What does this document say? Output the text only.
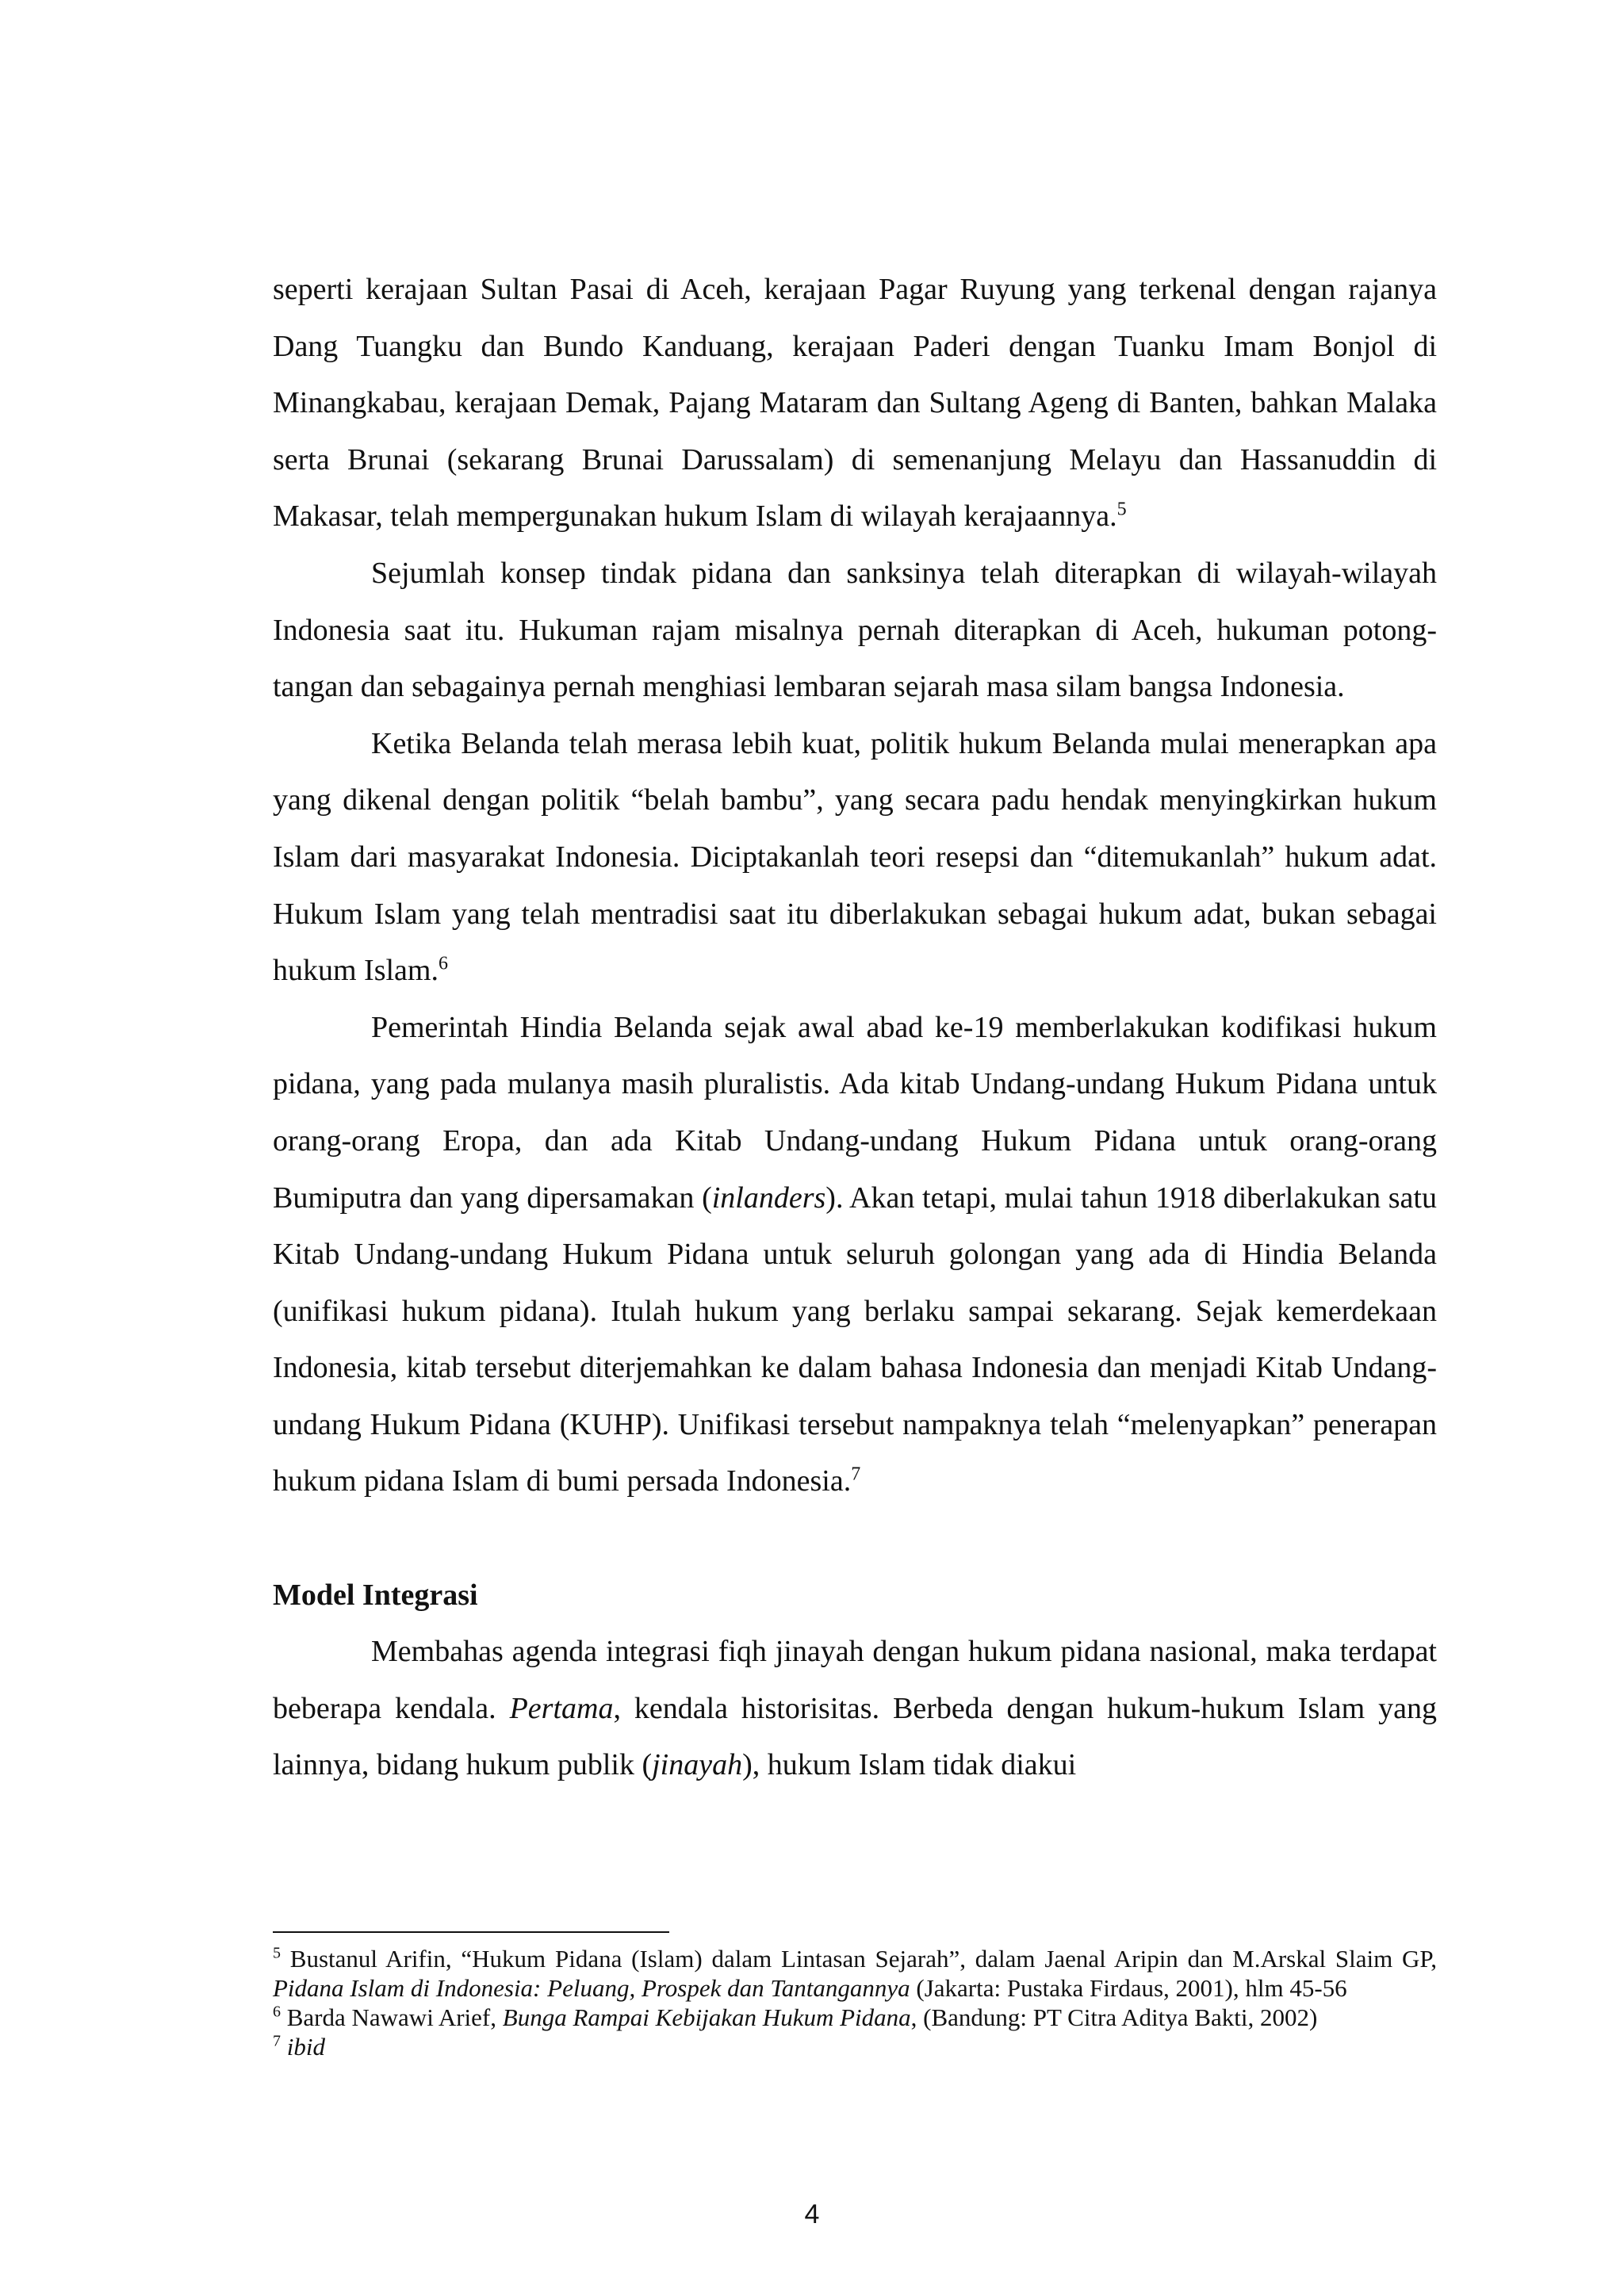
seperti kerajaan Sultan Pasai di Aceh, kerajaan Pagar Ruyung yang terkenal dengan rajanya Dang Tuangku dan Bundo Kanduang, kerajaan Paderi dengan Tuanku Imam Bonjol di Minangkabau, kerajaan Demak, Pajang Mataram dan Sultang Ageng di Banten, bahkan Malaka serta Brunai (sekarang Brunai Darussalam) di semenanjung Melayu dan Hassanuddin di Makasar, telah mempergunakan hukum Islam di wilayah kerajaannya.$^5$

Sejumlah konsep tindak pidana dan sanksinya telah diterapkan di wilayah-wilayah Indonesia saat itu. Hukuman rajam misalnya pernah diterapkan di Aceh, hukuman potong-tangan dan sebagainya pernah menghiasi lembaran sejarah masa silam bangsa Indonesia.

Ketika Belanda telah merasa lebih kuat, politik hukum Belanda mulai menerapkan apa yang dikenal dengan politik “belah bambu”, yang secara padu hendak menyingkirkan hukum Islam dari masyarakat Indonesia. Diciptakanlah teori resepsi dan “ditemukanlah” hukum adat. Hukum Islam yang telah mentradisi saat itu diberlakukan sebagai hukum adat, bukan sebagai hukum Islam.$^6$

Pemerintah Hindia Belanda sejak awal abad ke-19 memberlakukan kodifikasi hukum pidana, yang pada mulanya masih pluralistis. Ada kitab Undang-undang Hukum Pidana untuk orang-orang Eropa, dan ada Kitab Undang-undang Hukum Pidana untuk orang-orang Bumiputra dan yang dipersamakan (inlanders). Akan tetapi, mulai tahun 1918 diberlakukan satu Kitab Undang-undang Hukum Pidana untuk seluruh golongan yang ada di Hindia Belanda (unifikasi hukum pidana). Itulah hukum yang berlaku sampai sekarang. Sejak kemerdekaan Indonesia, kitab tersebut diterjemahkan ke dalam bahasa Indonesia dan menjadi Kitab Undang-undang Hukum Pidana (KUHP). Unifikasi tersebut nampaknya telah “melenyapkan” penerapan hukum pidana Islam di bumi persada Indonesia.$^7$

Model Integrasi

Membahas agenda integrasi fiqh jinayah dengan hukum pidana nasional, maka terdapat beberapa kendala. Pertama, kendala historisitas. Berbeda dengan hukum-hukum Islam yang lainnya, bidang hukum publik (jinayah), hukum Islam tidak diakui

$^5$ Bustanul Arifin, “Hukum Pidana (Islam) dalam Lintasan Sejarah”, dalam Jaenal Aripin dan M.Arskal Slaim GP, Pidana Islam di Indonesia: Peluang, Prospek dan Tantangannya (Jakarta: Pustaka Firdaus, 2001), hlm 45-56

$^6$ Barda Nawawi Arief, Bunga Rampai Kebijakan Hukum Pidana, (Bandung: PT Citra Aditya Bakti, 2002)

$^7$ ibid

4
